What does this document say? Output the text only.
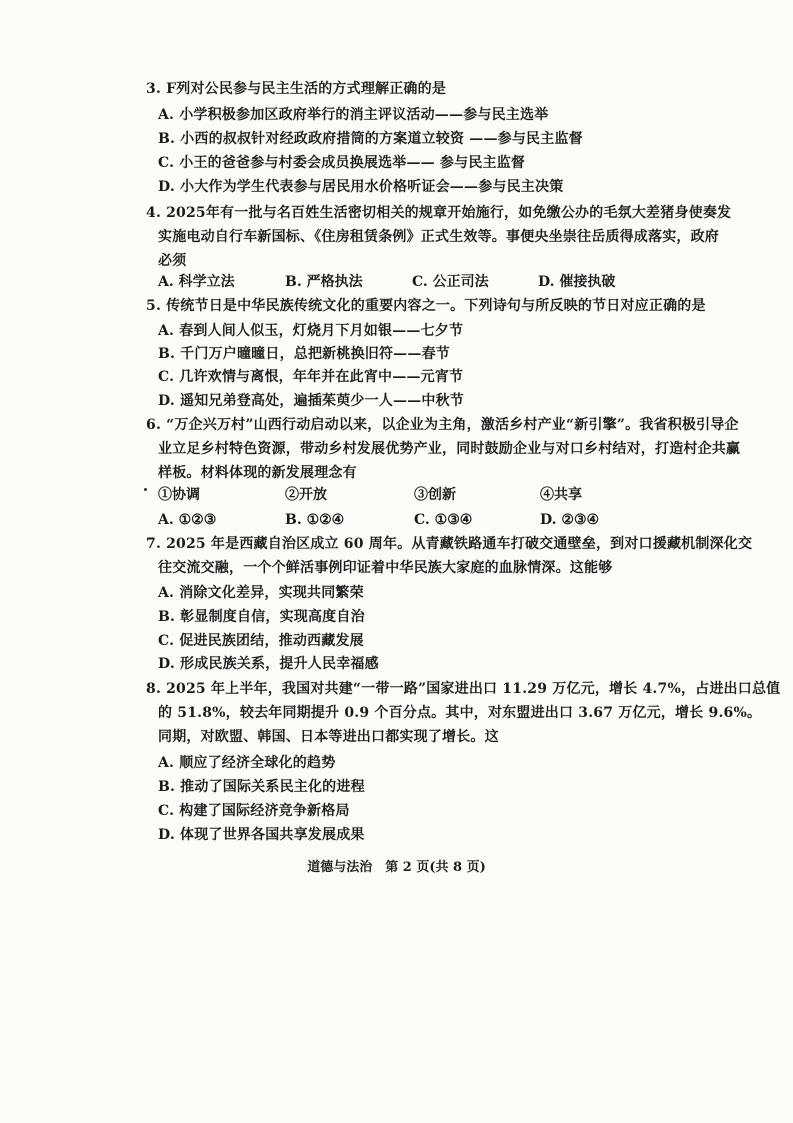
3. F列对公民参与民主生活的方式理解正确的是
A. 小学积极参加区政府举行的消主评议活动——参与民主选举
B. 小西的叔叔针对经政政府措筒的方案道立较资 ——参与民主监督
C. 小王的爸爸参与村委会成员换展选举—— 参与民主监督
D. 小大作为学生代表参与居民用水价格听证会——参与民主决策
4. 2025年有一批与名百姓生活密切相关的规章开始施行，如免缴公办的毛氛大差猪身使奏发
实施电动自行车新国标、《住房租赁条例》正式生效等。事便央坐崇往岳质得成落实，政府
必须
A. 科学立法	B. 严格执法	C. 公正司法	D. 催接执破
5. 传统节日是中华民族传统文化的重要内容之一。下列诗句与所反映的节日对应正确的是
A. 春到人间人似玉，灯烧月下月如银——七夕节
B. 千门万户曈曈日，总把新桃换旧符——春节
C. 几许欢情与离恨，年年并在此宵中——元宵节
D. 遥知兄弟登高处，遍插茱萸少一人——中秋节
6. “万企兴万村”山西行动启动以来，以企业为主角，激活乡村产业“新引擎”。我省积极引导企
业立足乡村特色资源，带动乡村发展优势产业，同时鼓励企业与对口乡村结对，打造村企共赢
样板。材料体现的新发展理念有
①协调	②开放	③创新	④共享
A. ①②③	B. ①②④	C. ①③④	D. ②③④
7. 2025 年是西藏自治区成立 60 周年。从青藏铁路通车打破交通壁垒，到对口援藏机制深化交
往交流交融，一个个鲜活事例印证着中华民族大家庭的血脉情深。这能够
A. 消除文化差异，实现共同繁荣
B. 彰显制度自信，实现高度自治
C. 促进民族团结，推动西藏发展
D. 形成民族关系，提升人民幸福感
8. 2025 年上半年，我国对共建“一带一路”国家进出口 11.29 万亿元，增长 4.7%，占进出口总值
的 51.8%，较去年同期提升 0.9 个百分点。其中，对东盟进出口 3.67 万亿元，增长 9.6%。
同期，对欧盟、韩国、日本等进出口都实现了增长。这
A. 顺应了经济全球化的趋势
B. 推动了国际关系民主化的进程
C. 构建了国际经济竞争新格局
D. 体现了世界各国共享发展成果
道德与法治　第 2 页(共 8 页)
